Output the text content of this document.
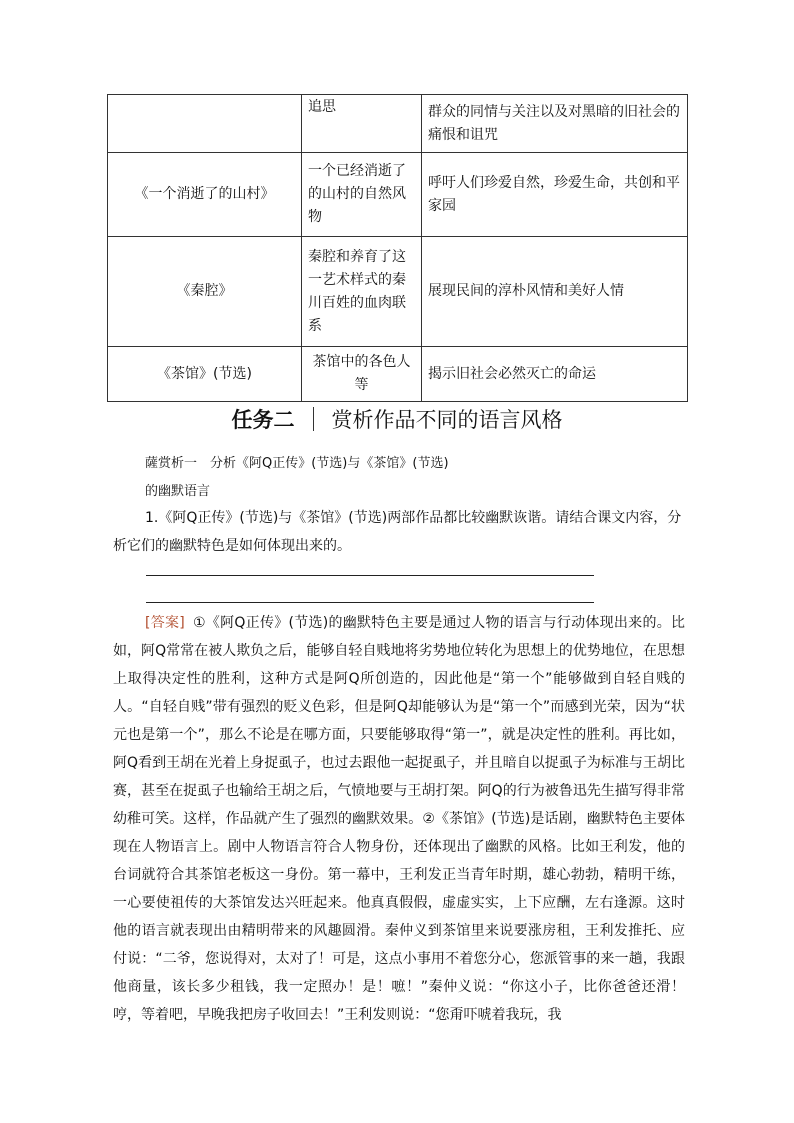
	追思	群众的同情与关注以及对黑暗的旧社会的痛恨和诅咒
《一个消逝了的山村》	一个已经消逝了的山村的自然风物	呼吁人们珍爱自然，珍爱生命，共创和平家园
《秦腔》	秦腔和养育了这一艺术样式的秦川百姓的血肉联系	展现民间的淳朴风情和美好人情
《茶馆》(节选)	茶馆中的各色人等	揭示旧社会必然灭亡的命运
任务二 赏析作品不同的语言风格
薩赏析一　分析《阿Q正传》(节选)与《茶馆》(节选)
的幽默语言
1.《阿Q正传》(节选)与《茶馆》(节选)两部作品都比较幽默诙谐。请结合课文内容，分析它们的幽默特色是如何体现出来的。
[答案] ①《阿Q正传》(节选)的幽默特色主要是通过人物的语言与行动体现出来的。比如，阿Q常常在被人欺负之后，能够自轻自贱地将劣势地位转化为思想上的优势地位，在思想上取得决定性的胜利，这种方式是阿Q所创造的，因此他是“第一个”能够做到自轻自贱的人。“自轻自贱”带有强烈的贬义色彩，但是阿Q却能够认为是“第一个”而感到光荣，因为“状元也是第一个”，那么不论是在哪方面，只要能够取得“第一”，就是决定性的胜利。再比如，阿Q看到王胡在光着上身捉虱子，也过去跟他一起捉虱子，并且暗自以捉虱子为标准与王胡比赛，甚至在捉虱子也输给王胡之后，气愤地要与王胡打架。阿Q的行为被鲁迅先生描写得非常幼稚可笑。这样，作品就产生了强烈的幽默效果。②《茶馆》(节选)是话剧，幽默特色主要体现在人物语言上。剧中人物语言符合人物身份，还体现出了幽默的风格。比如王利发，他的台词就符合其茶馆老板这一身份。第一幕中，王利发正当青年时期，雄心勃勃，精明干练，一心要使祖传的大茶馆发达兴旺起来。他真真假假，虚虚实实，上下应酬，左右逢源。这时他的语言就表现出由精明带来的风趣圆滑。秦仲义到茶馆里来说要涨房租，王利发推托、应付说：“二爷，您说得对，太对了！可是，这点小事用不着您分心，您派管事的来一趟，我跟他商量，该长多少租钱，我一定照办！是！嗻！”秦仲义说：“你这小子，比你爸爸还滑！哼，等着吧，早晚我把房子收回去！”王利发则说：“您甭吓唬着我玩，我
